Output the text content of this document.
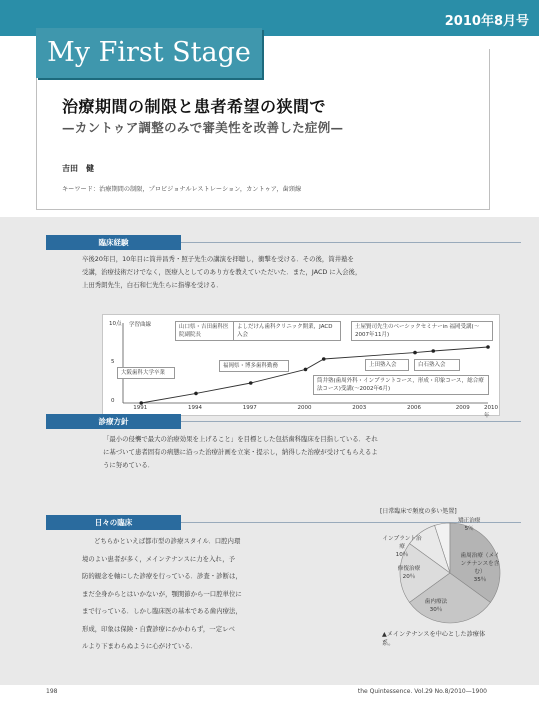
2010年8月号
My First Stage
治療期間の制限と患者希望の狭間で
—カントゥア調整のみで審美性を改善した症例—
吉田　健
キーワード：治療期間の制限，プロビジョナルレストレーション，カントゥア，歯頸線
臨床経験
卒後20年目，10年目に筒井昌秀・照子先生の講演を拝聴し，衝撃を受ける．その後，筒井塾を
受講，治療技術だけでなく，医療人としてのあり方を教えていただいた．また，JACD に入会後，
上田秀朗先生，白石和仁先生らに指導を受ける．
10点 学習曲線
5
0
1991	1994	1997	2000	2003	2006	2009	2010年
大阪歯科大学卒業
山口県・吉田歯科医院副院長
福岡県・博多歯科勤務
よしだけん歯科クリニック開業，JACD 入会
筒井塾(歯周外科・インプラントコース，形成・印象コース，総合療法コース)受講(～2002年6月)
土屋賢司先生のベーシックセミナーin 福岡受講(～2007年11月)
上田塾入会	白石塾入会
診療方針
「最小の侵襲で最大の治療効果を上げること」を目標とした包括歯科臨床を目指している．それ
に基づいて患者固有の病態に沿った治療計画を立案・提示し，納得した治療が受けてもらえるよ
うに努めている．
日々の臨床
どちらかといえば都市型の診療スタイル．口腔内環
境のよい患者が多く，メインテナンスに力を入れ，予
防的観念を軸にした診療を行っている．診査・診断は，
まだ全身からとはいかないが，顎関節から一口腔単位に
まで行っている．しかし臨床医の基本である歯内療法，
形成，印象は保険・自費診療にかかわらず，一定レベ
ルより下まわらぬように心がけている．
[日常臨床で頻度の多い処置]
矯正治療
5％
インプラント治療
10％
修復治療
20％
歯内療法
30％
歯周治療（メインテナンスを含む）
35％
▲メインテナンスを中心とした診療体系。
198	the Quintessence. Vol.29 No.8/2010—1900
